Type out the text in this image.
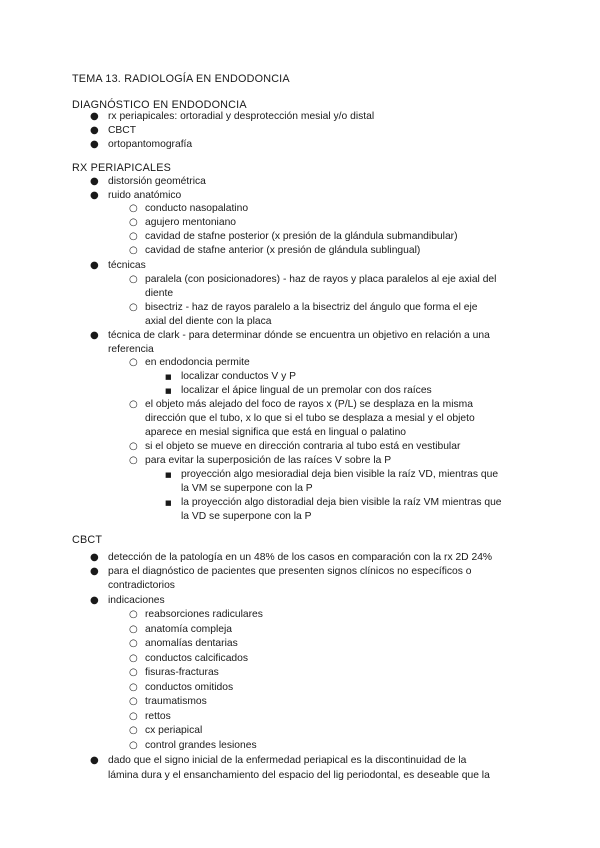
TEMA 13. RADIOLOGÍA EN ENDODONCIA
DIAGNÓSTICO EN ENDODONCIA
● rx periapicales: ortoradial y desprotección mesial y/o distal
● CBCT
● ortopantomografía
RX PERIAPICALES
● distorsión geométrica
● ruido anatómico
○ conducto nasopalatino
○ agujero mentoniano
○ cavidad de stafne posterior (x presión de la glándula submandibular)
○ cavidad de stafne anterior (x presión de glándula sublingual)
● técnicas
○ paralela (con posicionadores) - haz de rayos y placa paralelos al eje axial del
diente
○ bisectriz - haz de rayos paralelo a la bisectriz del ángulo que forma el eje
axial del diente con la placa
● técnica de clark - para determinar dónde se encuentra un objetivo en relación a una
referencia
○ en endodoncia permite
■ localizar conductos V y P
■ localizar el ápice lingual de un premolar con dos raíces
○ el objeto más alejado del foco de rayos x (P/L) se desplaza en la misma
dirección que el tubo, x lo que si el tubo se desplaza a mesial y el objeto
aparece en mesial significa que está en lingual o palatino
○ si el objeto se mueve en dirección contraria al tubo está en vestibular
○ para evitar la superposición de las raíces V sobre la P
■ proyección algo mesioradial deja bien visible la raíz VD, mientras que
la VM se superpone con la P
■ la proyección algo distoradial deja bien visible la raíz VM mientras que
la VD se superpone con la P
CBCT
● detección de la patología en un 48% de los casos en comparación con la rx 2D 24%
● para el diagnóstico de pacientes que presenten signos clínicos no específicos o
contradictorios
● indicaciones
○ reabsorciones radiculares
○ anatomía compleja
○ anomalías dentarias
○ conductos calcificados
○ fisuras-fracturas
○ conductos omitidos
○ traumatismos
○ rettos
○ cx periapical
○ control grandes lesiones
● dado que el signo inicial de la enfermedad periapical es la discontinuidad de la
lámina dura y el ensanchamiento del espacio del lig periodontal, es deseable que la
